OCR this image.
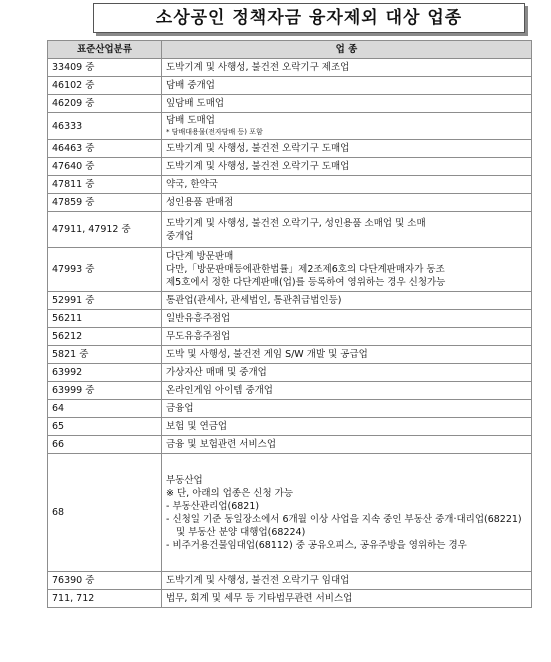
소상공인 정책자금 융자제외 대상 업종
표준산업분류	업 종
33409 중	도박기계 및 사행성, 불건전 오락기구 제조업

46102 중	담배 중개업

46209 중	잎담배 도매업

46333	담배 도매업
* 담배대용물(전자담배 등) 포함

46463 중	도박기계 및 사행성, 불건전 오락기구 도매업

47640 중	도박기계 및 사행성, 불건전 오락기구 도매업

47811 중	약국, 한약국

47859 중	성인용품 판매점

47911, 47912 중	도박기계 및 사행성, 불건전 오락기구, 성인용품 소매업 및 소매
중개업

47993 중	다단계 방문판매
다만,「방문판매등에관한법률」제2조제6호의 다단계판매자가 동조
제5호에서 정한 다단계판매(업)를 등록하여 영위하는 경우 신청가능

52991 중	통관업(관세사, 관세법인, 통관취급법인등)

56211	일반유흥주점업

56212	무도유흥주점업

5821 중	도박 및 사행성, 불건전 게임 S/W 개발 및 공급업

63992	가상자산 매매 및 중개업

63999 중	온라인게임 아이템 중개업

64	금융업

65	보험 및 연금업

66	금융 및 보험관련 서비스업

68	부동산업
※ 단, 아래의 업종은 신청 가능
- 부동산관리업(6821)
- 신청일 기준 동일장소에서 6개월 이상 사업을 지속 중인 부동산 중개·대리업(68221) 및 부동산 분양 대행업(68224)
- 비주거용건물임대업(68112) 중 공유오피스, 공유주방을 영위하는 경우

76390 중	도박기계 및 사행성, 불건전 오락기구 임대업

711, 712	법무, 회계 및 세무 등 기타법무관련 서비스업
